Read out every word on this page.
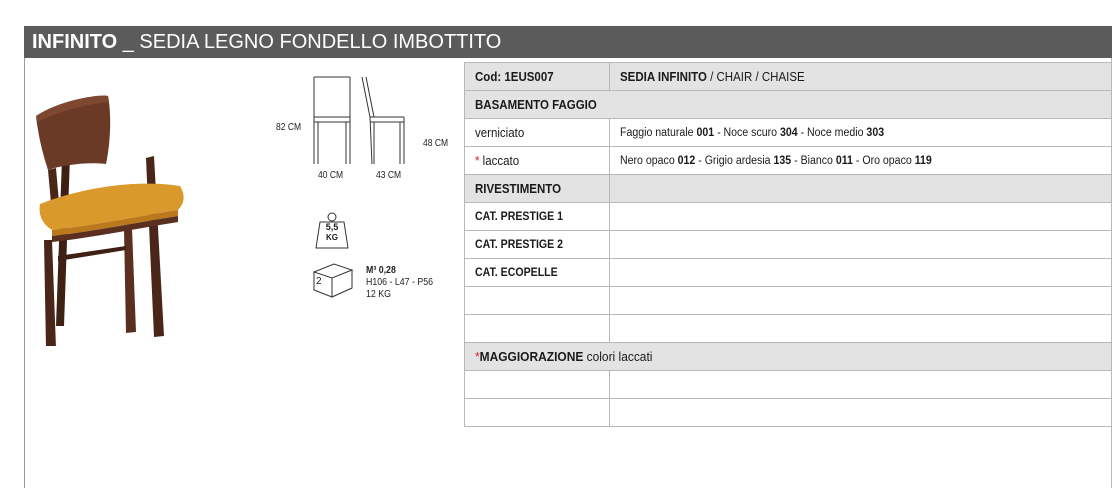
INFINITO _ SEDIA LEGNO FONDELLO IMBOTTITO
82 CM
48 CM
40 CM	43 CM
5,5
KG
2
M³ 0,28
H106 - L47 - P56
12 KG
Cod: 1EUS007	SEDIA INFINITO / CHAIR / CHAISE
BASAMENTO FAGGIO	
verniciato	Faggio naturale 001 - Noce scuro 304 - Noce medio 303
* laccato	Nero opaco 012 - Grigio ardesia 135 - Bianco 011 - Oro opaco 119
RIVESTIMENTO	
CAT. PRESTIGE 1	
CAT. PRESTIGE 2	
CAT. ECOPELLE	

*MAGGIORAZIONE colori laccati	
